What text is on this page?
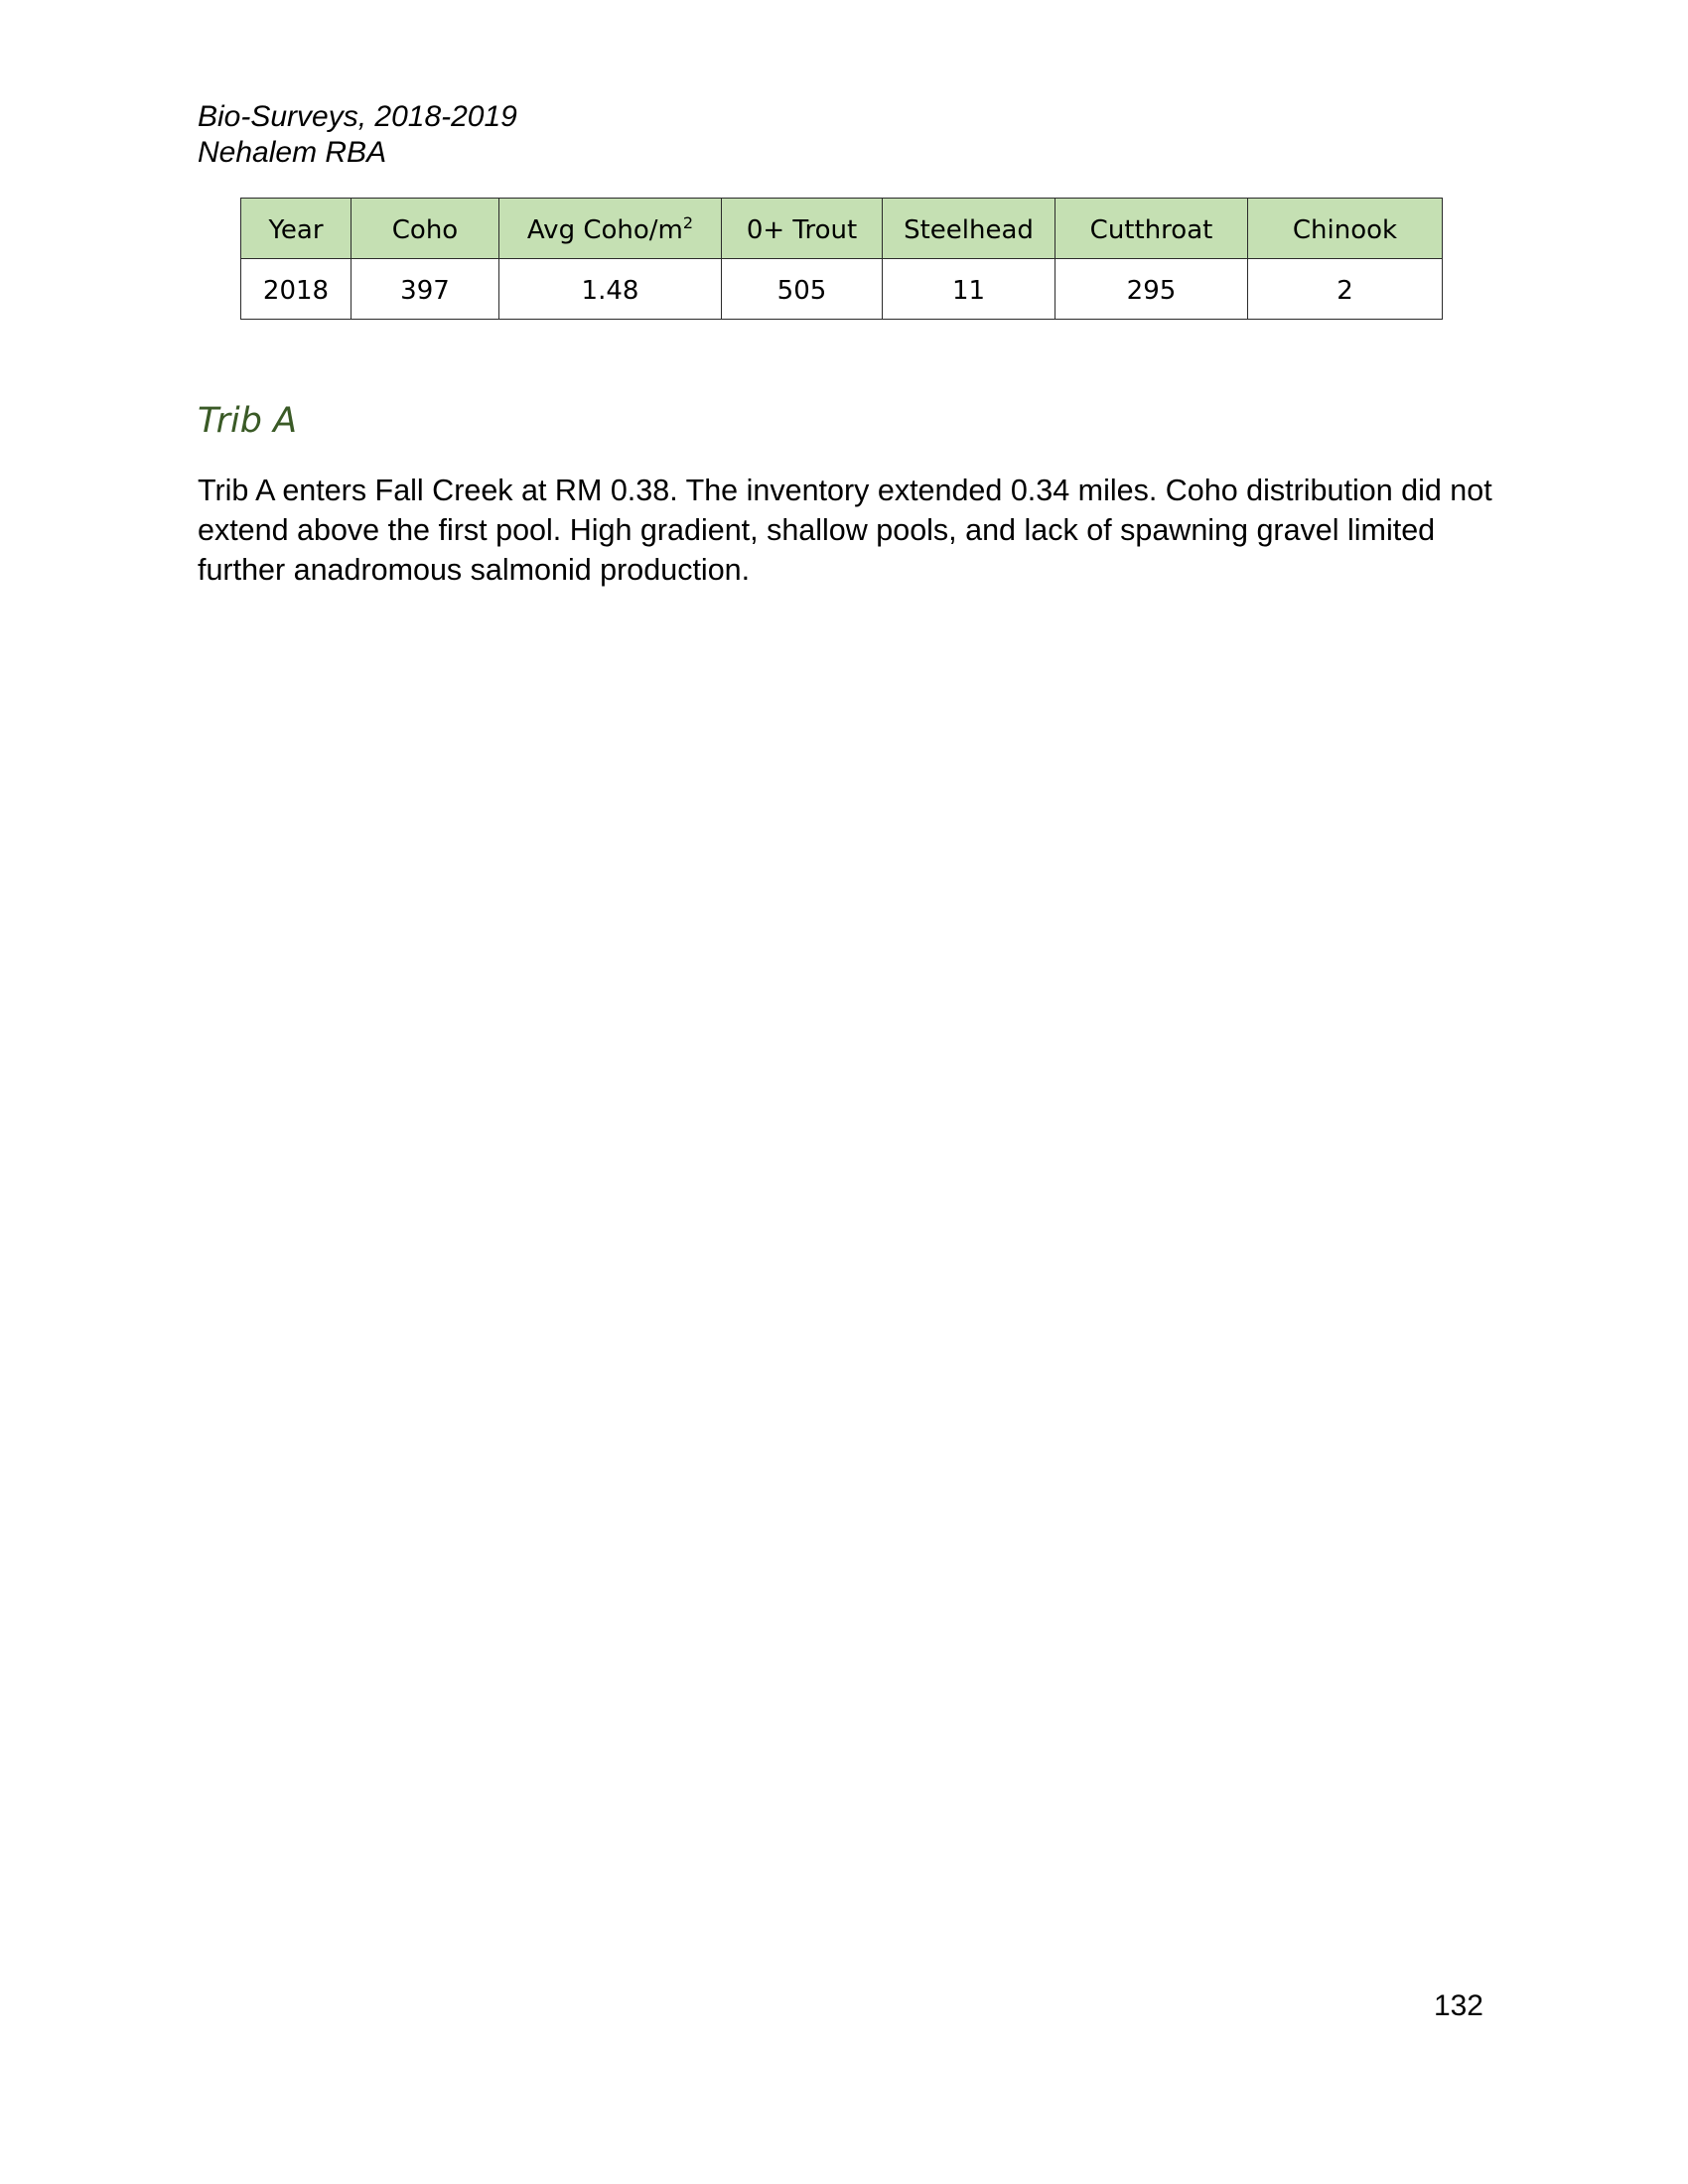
Bio-Surveys, 2018-2019
Nehalem RBA
Year	Coho	Avg Coho/$m^2$	0+ Trout	Steelhead	Cutthroat	Chinook
2018	397	1.48	505	11	295	2
Trib A

Trib A enters Fall Creek at RM 0.38. The inventory extended 0.34 miles. Coho distribution did not extend above the first pool. High gradient, shallow pools, and lack of spawning gravel limited further anadromous salmonid production.

132
